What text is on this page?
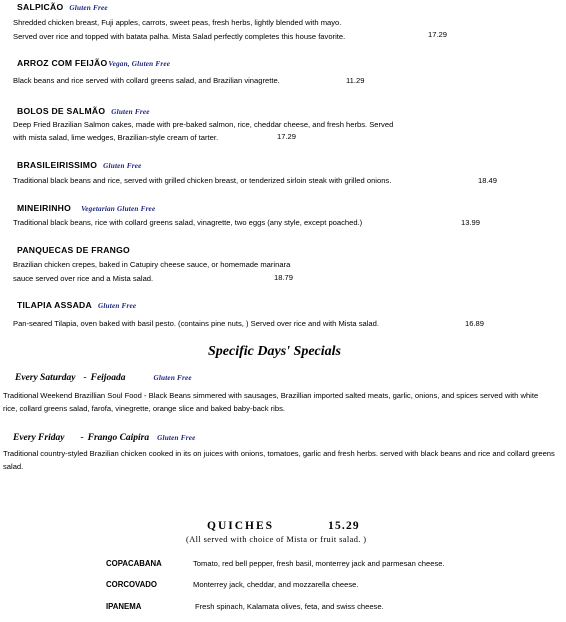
SALPICÃO Gluten Free
Shredded chicken breast, Fuji apples, carrots, sweet peas, fresh herbs, lightly blended with mayo.
Served over rice and topped with batata palha. Mista Salad perfectly completes this house favorite.	17.29
ARROZ COM FEIJÃOVegan, Gluten Free
Black beans and rice served with collard greens salad, and Brazilian vinagrette.	11.29
BOLOS DE SALMÃO Gluten Free
Deep Fried Brazilian Salmon cakes, made with pre-baked salmon, rice, cheddar cheese, and fresh herbs. Served
with mista salad, lime wedges, Brazilian-style cream of tarter.	17.29
BRASILEIRISSIMO Gluten Free
Traditional black beans and rice, served with grilled chicken breast, or tenderized sirloin steak with grilled onions.	18.49
MINEIRINHO Vegetarian Gluten Free
Traditional black beans, rice with collard greens salad, vinagrette, two eggs (any style, except poached.)	13.99
PANQUECAS DE FRANGO
Brazilian chicken crepes, baked in Catupiry cheese sauce, or homemade marinara
sauce served over rice and a Mista salad.	18.79
TILAPIA ASSADA Gluten Free
Pan-seared Tilapia, oven baked with basil pesto. (contains pine nuts, ) Served over rice and with Mista salad.	16.89
Specific Days' Specials
Every Saturday - Feijoada	Gluten Free
Traditional Weekend Brazillian Soul Food - Black Beans simmered with sausages, Brazillian imported salted meats, garlic, onions, and spices served with white rice, collard greens salad, farofa, vinegrette, orange slice and baked baby-back ribs.
Every Friday - Frango Caipira Gluten Free
Traditional country-styled Brazilian chicken cooked in its on juices with onions, tomatoes, garlic and fresh herbs. served with black beans and rice and collard greens salad.
QUICHES	15.29
(All served with choice of Mista or fruit salad. )
COPACABANA	Tomato, red bell pepper, fresh basil, monterrey jack and parmesan cheese.
CORCOVADO	Monterrey jack, cheddar, and mozzarella cheese.
IPANEMA	Fresh spinach, Kalamata olives, feta, and swiss cheese.
